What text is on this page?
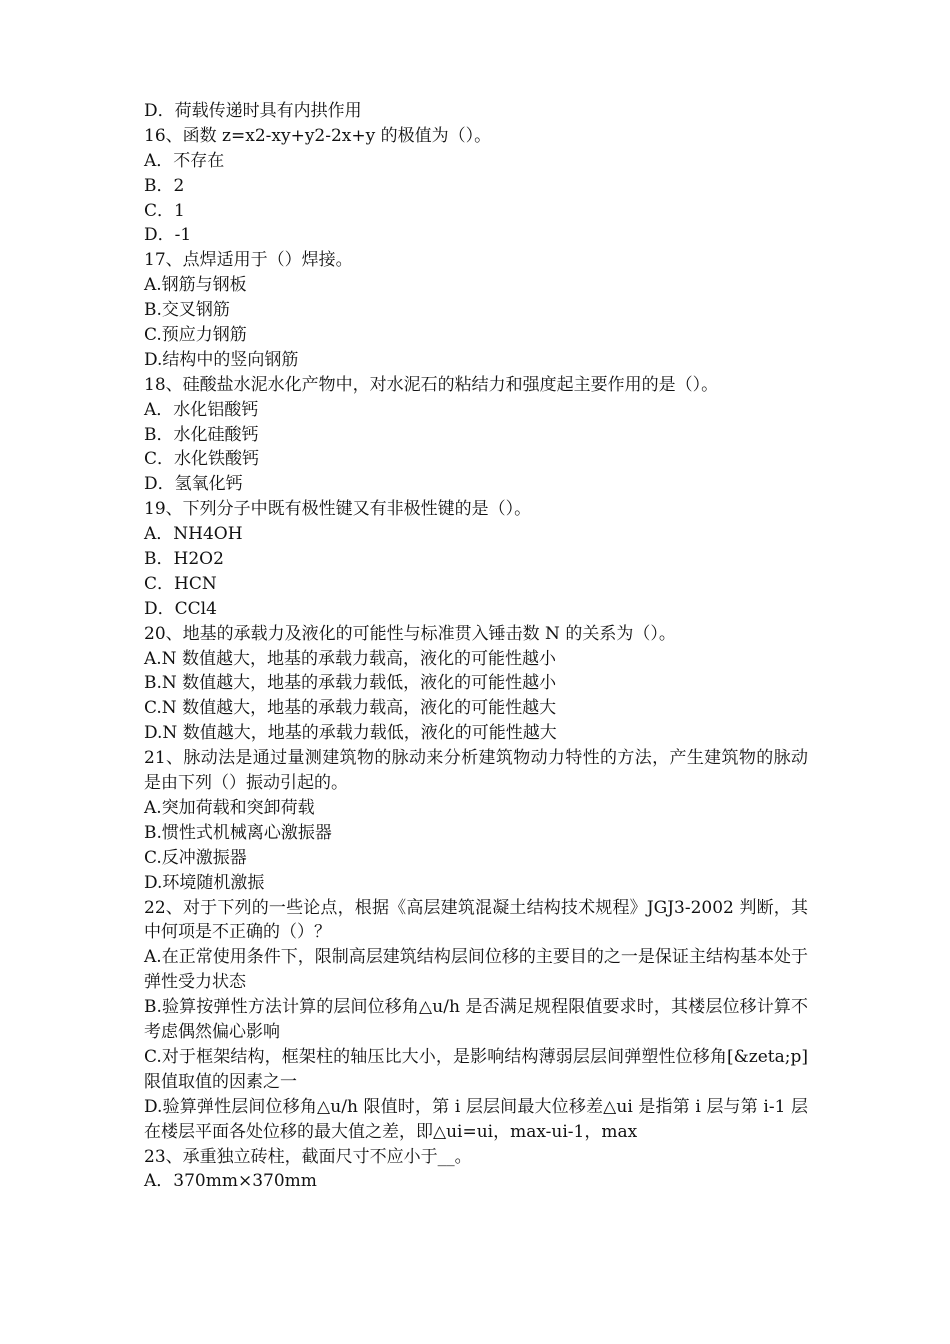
D．荷载传递时具有内拱作用
16、函数 z=x2-xy+y2-2x+y 的极值为（）。
A．不存在
B．2
C．1
D．-1
17、点焊适用于（）焊接。
A.钢筋与钢板
B.交叉钢筋
C.预应力钢筋
D.结构中的竖向钢筋
18、硅酸盐水泥水化产物中，对水泥石的粘结力和强度起主要作用的是（）。
A．水化铝酸钙
B．水化硅酸钙
C．水化铁酸钙
D．氢氧化钙
19、下列分子中既有极性键又有非极性键的是（）。
A．NH4OH
B．H2O2
C．HCN
D．CCl4
20、地基的承载力及液化的可能性与标准贯入锤击数 N 的关系为（）。
A.N 数值越大，地基的承载力载高，液化的可能性越小
B.N 数值越大，地基的承载力载低，液化的可能性越小
C.N 数值越大，地基的承载力载高，液化的可能性越大
D.N 数值越大，地基的承载力载低，液化的可能性越大
21、脉动法是通过量测建筑物的脉动来分析建筑物动力特性的方法，产生建筑物的脉动是由下列（）振动引起的。
A.突加荷载和突卸荷载
B.惯性式机械离心激振器
C.反冲激振器
D.环境随机激振
22、对于下列的一些论点，根据《高层建筑混凝土结构技术规程》JGJ3-2002 判断，其中何项是不正确的（）？
A.在正常使用条件下，限制高层建筑结构层间位移的主要目的之一是保证主结构基本处于弹性受力状态
B.验算按弹性方法计算的层间位移角△u/h 是否满足规程限值要求时，其楼层位移计算不考虑偶然偏心影响
C.对于框架结构，框架柱的轴压比大小，是影响结构薄弱层层间弹塑性位移角[&zeta;p]限值取值的因素之一
D.验算弹性层间位移角△u/h 限值时，第 i 层层间最大位移差△ui 是指第 i 层与第 i-1 层在楼层平面各处位移的最大值之差，即△ui=ui，max-ui-1，max
23、承重独立砖柱，截面尺寸不应小于__。
A．370mm×370mm
